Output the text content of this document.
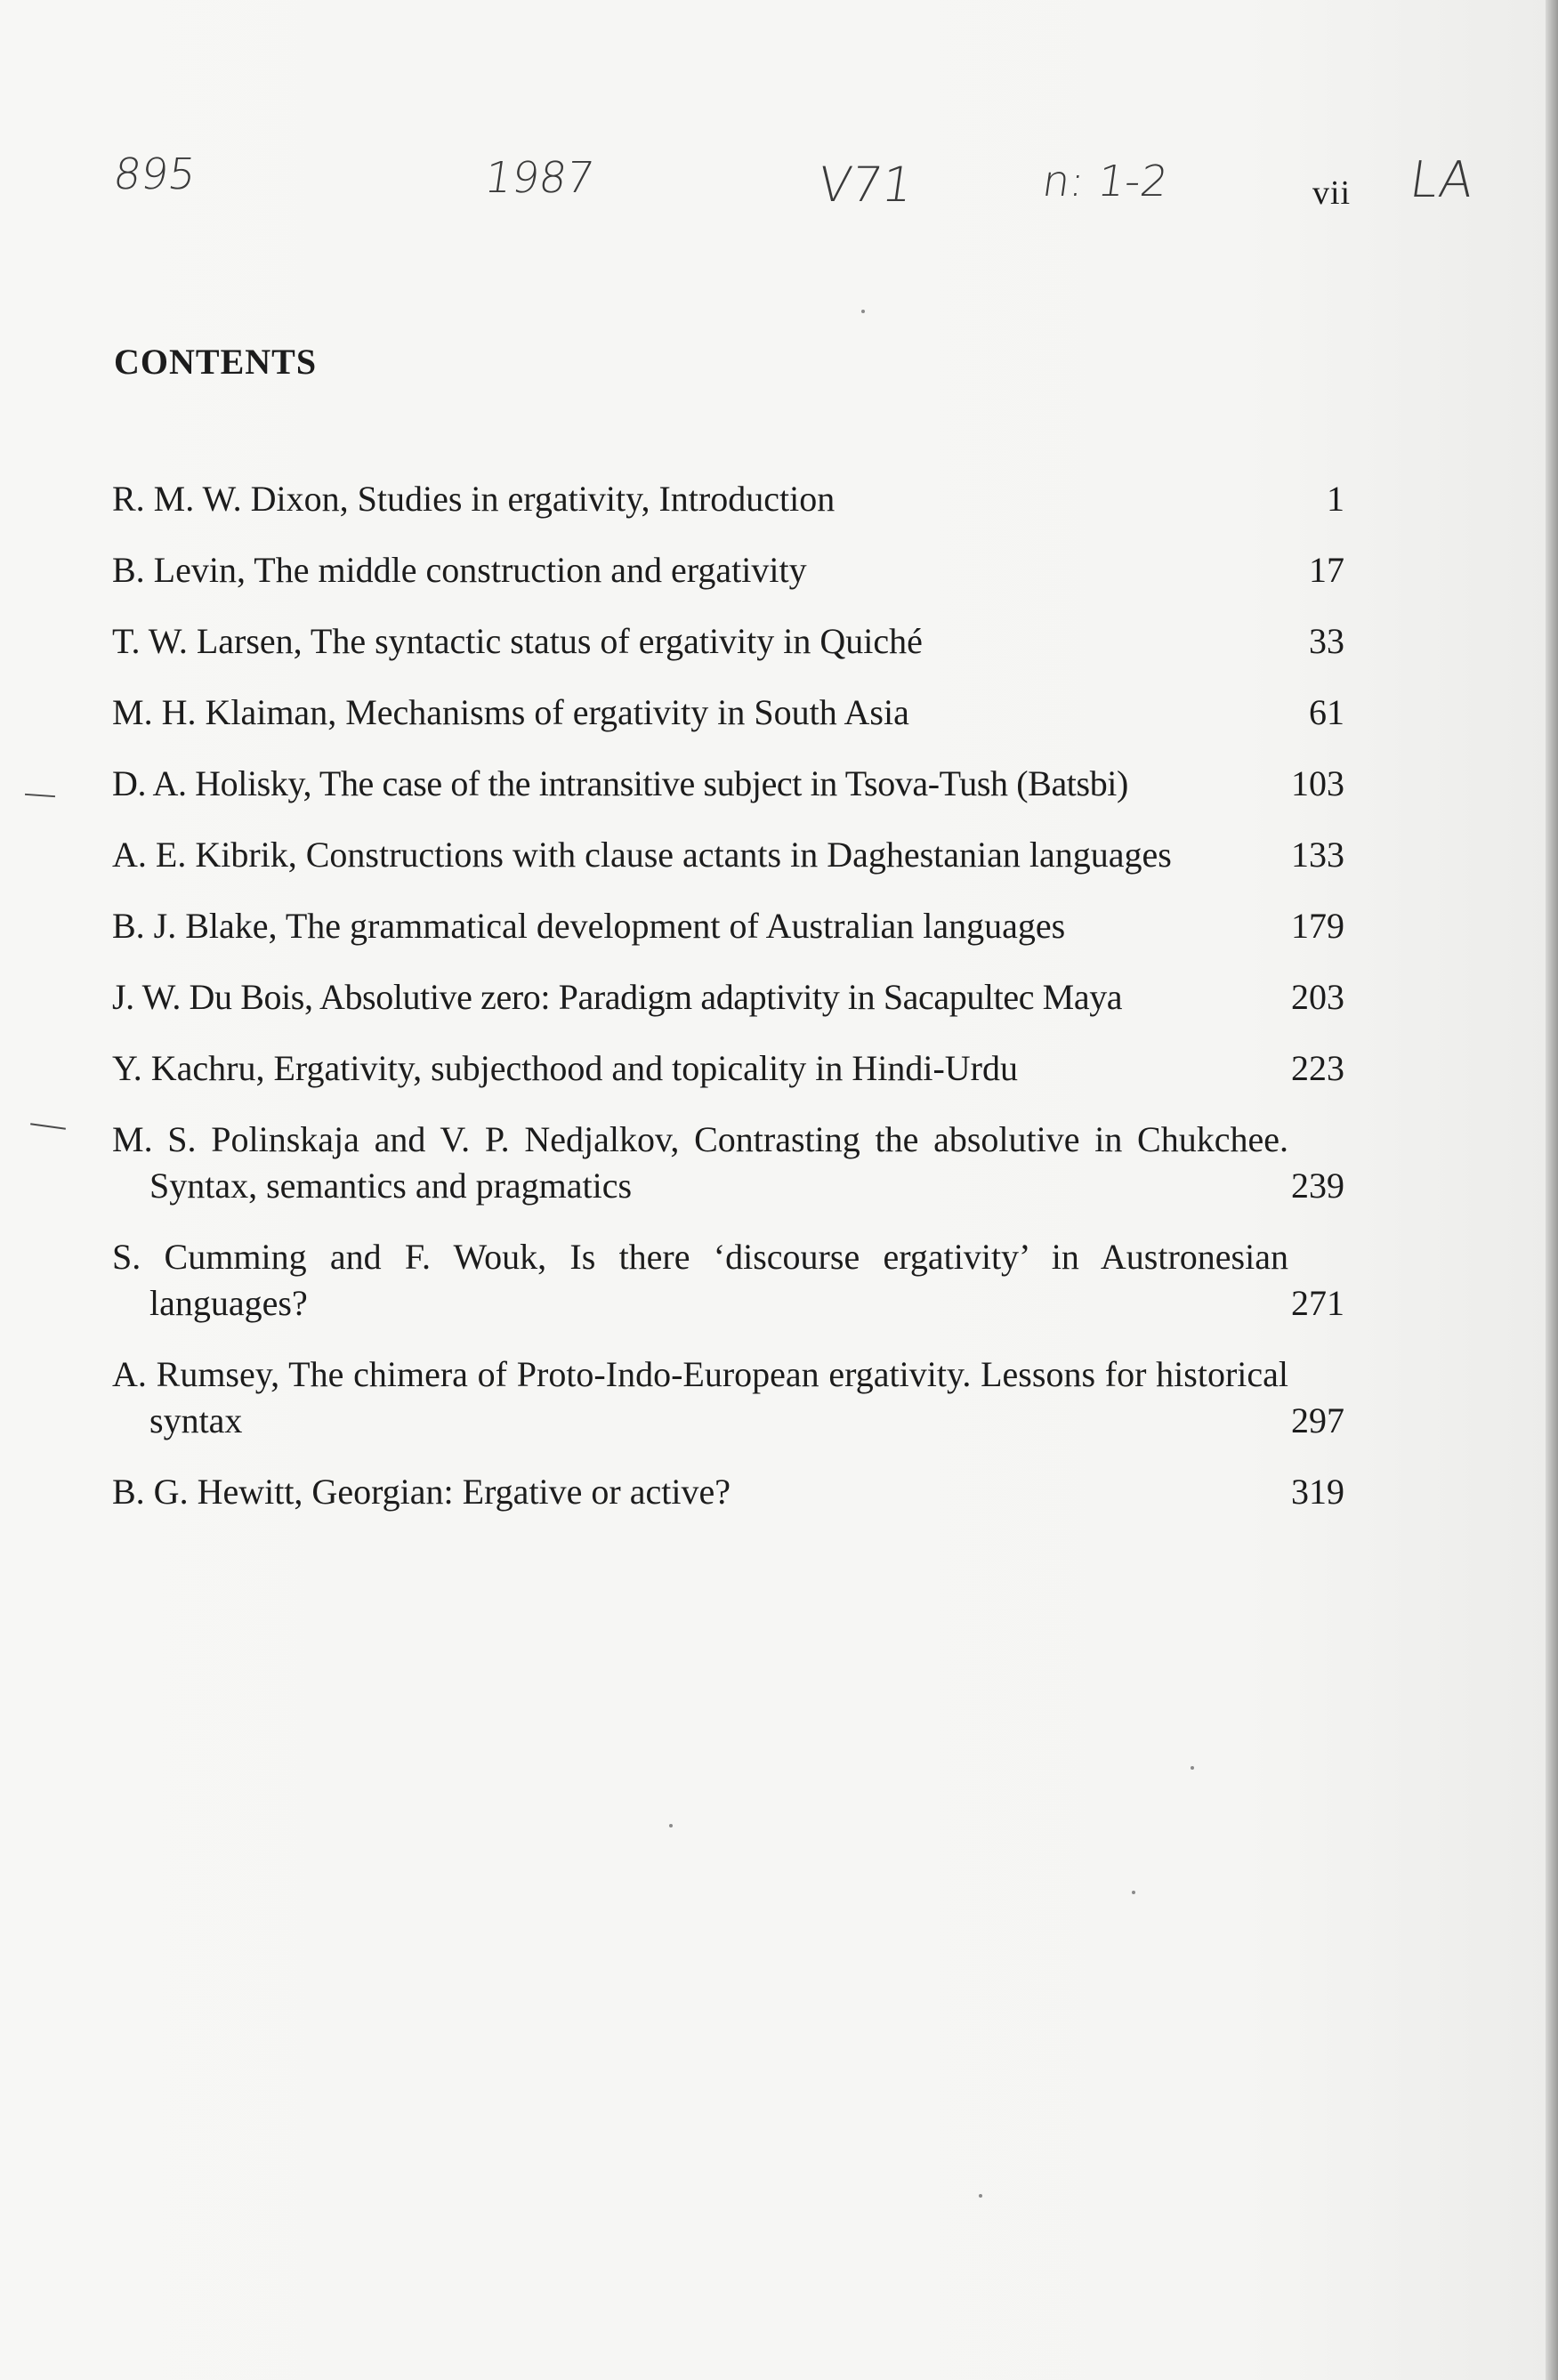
895	1987	V71	n: 1-2	LA
vii
CONTENTS
R. M. W. Dixon, Studies in ergativity, Introduction	1
B. Levin, The middle construction and ergativity	17
T. W. Larsen, The syntactic status of ergativity in Quiché	33
M. H. Klaiman, Mechanisms of ergativity in South Asia	61
D. A. Holisky, The case of the intransitive subject in Tsova-Tush (Batsbi)	103
A. E. Kibrik, Constructions with clause actants in Daghestanian languages	133
B. J. Blake, The grammatical development of Australian languages	179
J. W. Du Bois, Absolutive zero: Paradigm adaptivity in Sacapultec Maya	203
Y. Kachru, Ergativity, subjecthood and topicality in Hindi-Urdu	223
M. S. Polinskaja and V. P. Nedjalkov, Contrasting the absolutive in Chukchee. Syntax, semantics and pragmatics	239
S. Cumming and F. Wouk, Is there ‘discourse ergativity’ in Austronesian languages?	271
A. Rumsey, The chimera of Proto-Indo-European ergativity. Lessons for historical syntax	297
B. G. Hewitt, Georgian: Ergative or active?	319
